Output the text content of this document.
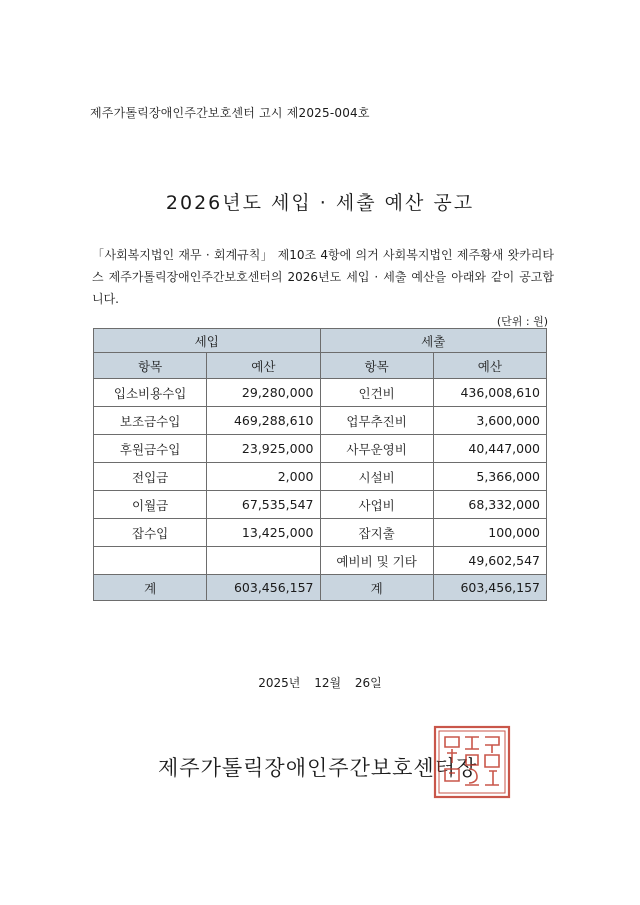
제주가톨릭장애인주간보호센터 고시 제2025-004호
2026년도 세입 · 세출 예산 공고
「사회복지법인 재무 · 회계규칙」 제10조 4항에 의거 사회복지법인 제주황새 왓카리타스 제주가톨릭장애인주간보호센터의 2026년도 세입 · 세출 예산을 아래와 같이 공고합니다.
(단위 : 원)
세입		세출	
항목	예산	항목	예산
입소비용수입	29,280,000	인건비	436,008,610
보조금수입	469,288,610	업무추진비	3,600,000
후원금수입	23,925,000	사무운영비	40,447,000
전입금	2,000	시설비	5,366,000
이월금	67,535,547	사업비	68,332,000
잡수입	13,425,000	잡지출	100,000
		예비비 및 기타	49,602,547
계	603,456,157	계	603,456,157
2025년 12월 26일
제주가톨릭장애인주간보호센터장
